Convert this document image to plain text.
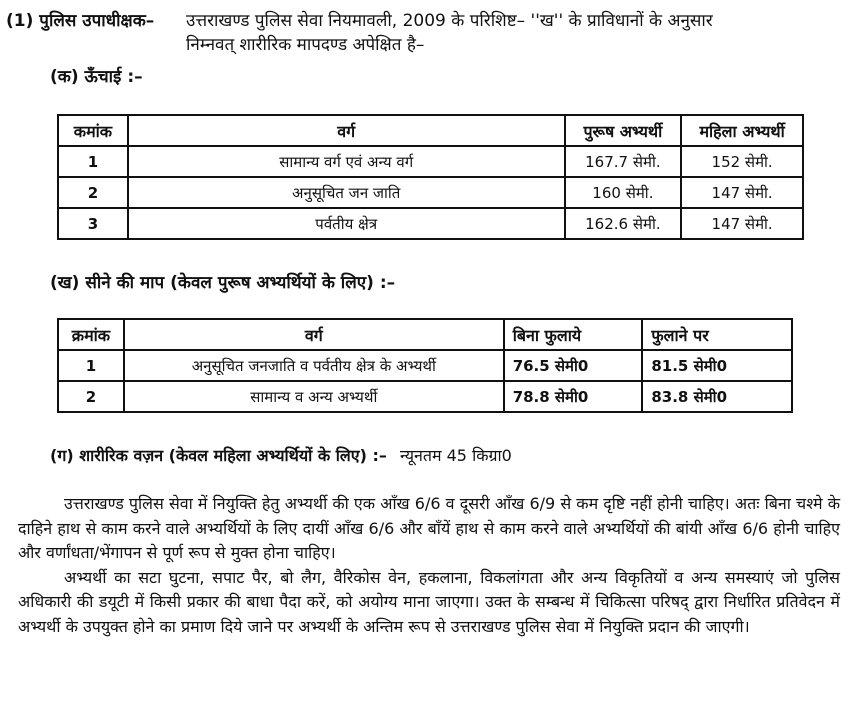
(1) पुलिस उपाधीक्षक– उत्तराखण्ड पुलिस सेवा नियमावली, 2009 के परिशिष्ट– ''ख'' के प्राविधानों के अनुसार
निम्नवत् शारीरिक मापदण्ड अपेक्षित है–
(क) ऊँचाई :–
कमांक	वर्ग	पुरूष अभ्यर्थी	महिला अभ्यर्थी
1	सामान्य वर्ग एवं अन्य वर्ग	167.7 सेमी.	152 सेमी.
2	अनुसूचित जन जाति	160 सेमी.	147 सेमी.
3	पर्वतीय क्षेत्र	162.6 सेमी.	147 सेमी.
(ख) सीने की माप (केवल पुरूष अभ्यर्थियों के लिए) :–
क्रमांक	वर्ग	बिना फुलाये	फुलाने पर
1	अनुसूचित जनजाति व पर्वतीय क्षेत्र के अभ्यर्थी	76.5 सेमी0	81.5 सेमी0
2	सामान्य व अन्य अभ्यर्थी	78.8 सेमी0	83.8 सेमी0
(ग) शारीरिक वज़न (केवल महिला अभ्यर्थियों के लिए) :– न्यूनतम 45 किग्रा0

उत्तराखण्ड पुलिस सेवा में नियुक्ति हेतु अभ्यर्थी की एक आँख 6/6 व दूसरी आँख 6/9 से कम दृष्टि नहीं होनी चाहिए। अतः बिना चश्मे के दाहिने हाथ से काम करने वाले अभ्यर्थियों के लिए दायीं आँख 6/6 और बाँयें हाथ से काम करने वाले अभ्यर्थियों की बांयी आँख 6/6 होनी चाहिए और वर्णांधता/भेंगापन से पूर्ण रूप से मुक्त होना चाहिए।

अभ्यर्थी का सटा घुटना, सपाट पैर, बो लैग, वैरिकोस वेन, हकलाना, विकलांगता और अन्य विकृतियों व अन्य समस्याएं जो पुलिस अधिकारी की डयूटी में किसी प्रकार की बाधा पैदा करें, को अयोग्य माना जाएगा। उक्त के सम्बन्ध में चिकित्सा परिषद् द्वारा निर्धारित प्रतिवेदन में अभ्यर्थी के उपयुक्त होने का प्रमाण दिये जाने पर अभ्यर्थी के अन्तिम रूप से उत्तराखण्ड पुलिस सेवा में नियुक्ति प्रदान की जाएगी।
